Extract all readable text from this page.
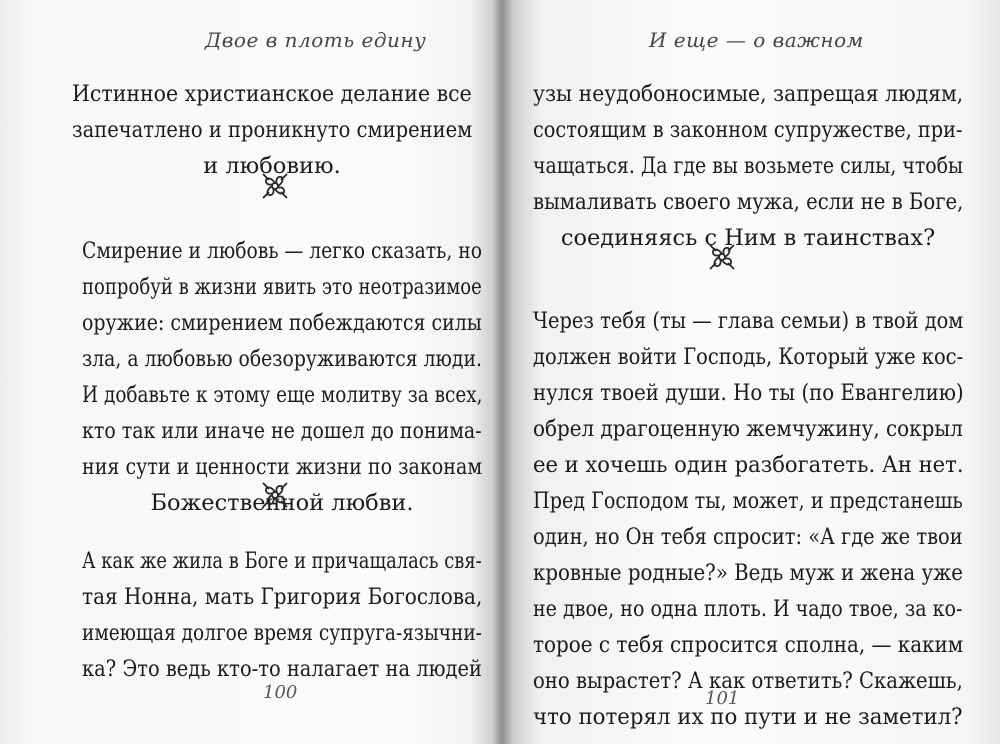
Двое в плоть едину
Истинное христианское делание все
запечатлено и проникнуто смирением
и любовию.
Смирение и любовь — легко сказать, но
попробуй в жизни явить это неотразимое
оружие: смирением побеждаются силы
зла, а любовью обезоруживаются люди.
И добавьте к этому еще молитву за всех,
кто так или иначе не дошел до понима-
ния сути и ценности жизни по законам
Божественной любви.
А как же жила в Боге и причащалась свя-
тая Нонна, мать Григория Богослова,
имеющая долгое время супруга-язычни-
ка? Это ведь кто-то налагает на людей
100
И еще — о важном
узы неудобоносимые, запрещая людям,
состоящим в законном супружестве, при-
чащаться. Да где вы возьмете силы, чтобы
вымаливать своего мужа, если не в Боге,
соединяясь с Ним в таинствах?
Через тебя (ты — глава семьи) в твой дом
должен войти Господь, Который уже кос-
нулся твоей души. Но ты (по Евангелию)
обрел драгоценную жемчужину, сокрыл
ее и хочешь один разбогатеть. Ан нет.
Пред Господом ты, может, и предстанешь
один, но Он тебя спросит: «А где же твои
кровные родные?» Ведь муж и жена уже
не двое, но одна плоть. И чадо твое, за ко-
торое с тебя спросится сполна, — каким
оно вырастет? А как ответить? Скажешь,
что потерял их по пути и не заметил?
101
